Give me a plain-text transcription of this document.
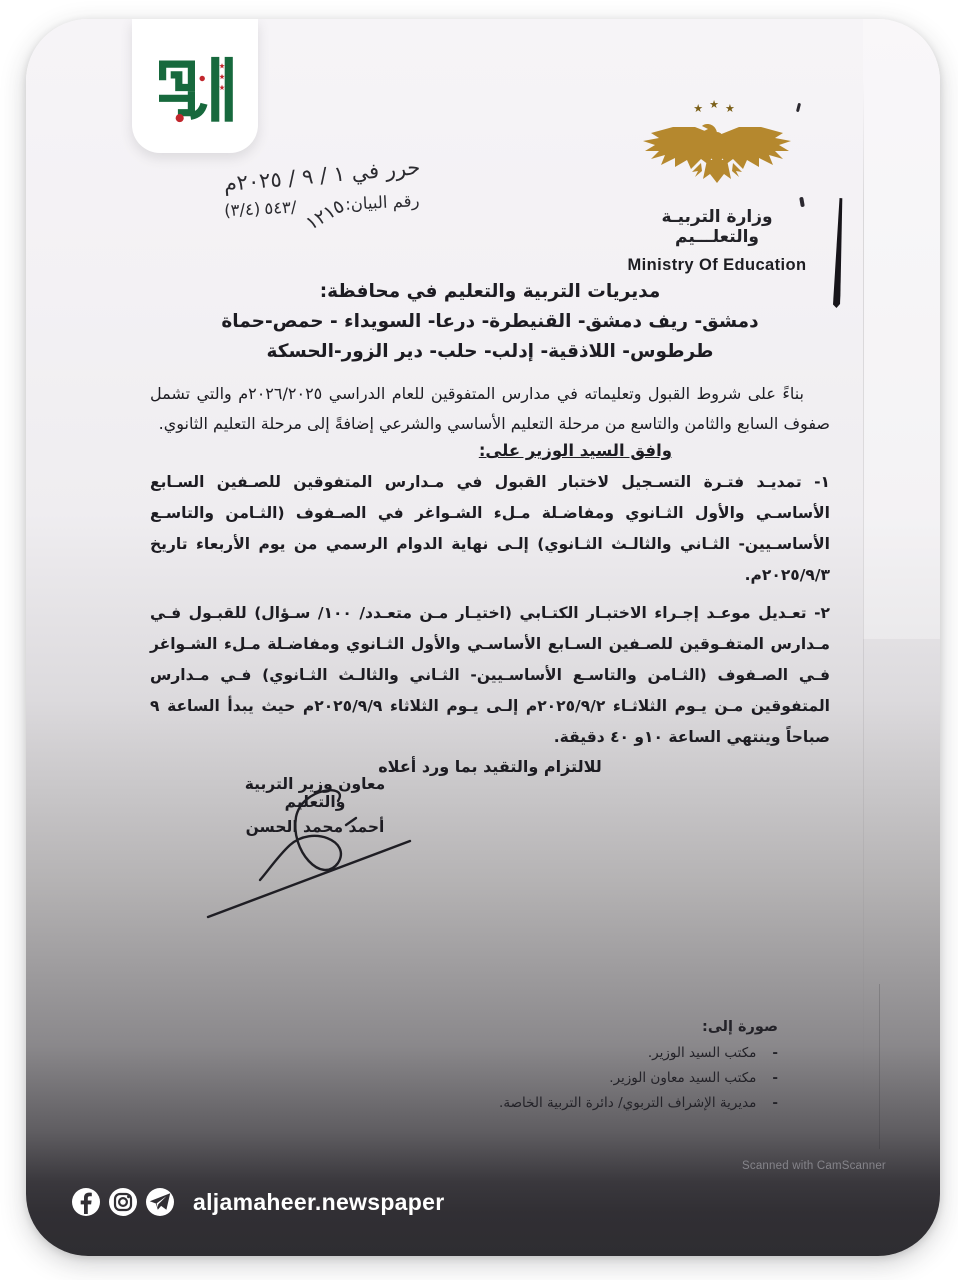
حرر في ١ / ٩ / ٢٠٢٥م
رقم البيان:
١٢١٥
٥٤٣/
(٣/٤)
★★★
وزارة التربيـة والتعلـــيم
Ministry Of Education
مديريات التربية والتعليم في محافظة:
دمشق- ريف دمشق- القنيطرة- درعا- السويداء - حمص-حماة
طرطوس- اللاذقية- إدلب- حلب- دير الزور-الحسكة
بناءً على شروط القبول وتعليماته في مدارس المتفوقين للعام الدراسي ٢٠٢٦/٢٠٢٥م والتي تشمل صفوف السابع والثامن والتاسع من مرحلة التعليم الأساسي والشرعي إضافةً إلى مرحلة التعليم الثانوي.
وافق السيد الوزير على:
١- تمديـد فتـرة التسـجيل لاختبار القبول في مـدارس المتفوقين للصـفين السـابع الأساسـي والأول الثـانوي ومفاضـلة مـلء الشـواغر في الصـفوف (الثـامن والتاسـع الأساسـيين- الثـاني والثالـث الثـانوي) إلـى نهاية الدوام الرسمي من يوم الأربعاء تاريخ ٢٠٢٥/٩/٣م.
٢- تعـديل موعـد إجـراء الاختبـار الكتـابي (اختيـار مـن متعـدد/ ١٠٠/ سـؤال) للقبـول فـي مـدارس المتفـوقين للصـفين السـابع الأساسـي والأول الثـانوي ومفاضـلة مـلء الشـواغر فـي الصـفوف (الثـامن والتاسـع الأساسـيين- الثـاني والثالـث الثـانوي) فـي مـدارس المتفوقين مـن يـوم الثلاثـاء ٢٠٢٥/٩/٢م إلـى يـوم الثلاثاء ٢٠٢٥/٩/٩م حيث يبدأ الساعة ٩ صباحاً وينتهي الساعة ١٠و ٤٠ دقيقة.
للالتزام والتقيد بما ورد أعلاه
معاون وزير التربية والتعليم
أحمد محمد الحسن
صورة إلى:
-مكتب السيد الوزير.
-مكتب السيد معاون الوزير.
-مديرية الإشراف التربوي/ دائرة التربية الخاصة.
Scanned with CamScanner
aljamaheer.newspaper
